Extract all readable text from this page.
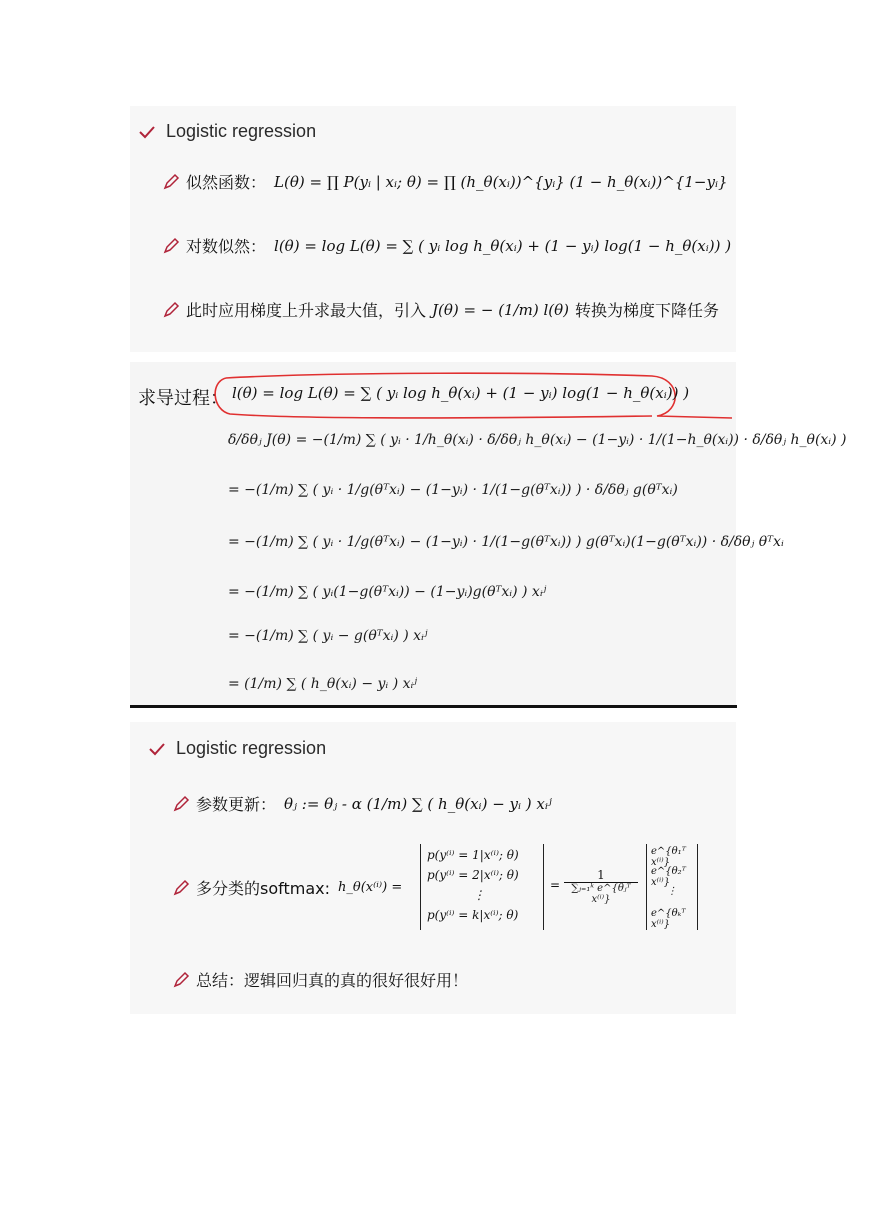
Logistic regression
似然函数： L(θ) = ∏ P(yᵢ | xᵢ; θ) = ∏ (h_θ(xᵢ))^{yᵢ} (1 − h_θ(xᵢ))^{1−yᵢ}
对数似然： l(θ) = log L(θ) = ∑ ( yᵢ log h_θ(xᵢ) + (1 − yᵢ) log(1 − h_θ(xᵢ)) )
此时应用梯度上升求最大值，引入 J(θ) = − (1/m) l(θ) 转换为梯度下降任务
求导过程： l(θ) = log L(θ) = ∑ ( yᵢ log h_θ(xᵢ) + (1 − yᵢ) log(1 − h_θ(xᵢ)) )
δ/δθⱼ J(θ) = −(1/m) ∑ ( yᵢ · 1/h_θ(xᵢ) · δ/δθⱼ h_θ(xᵢ) − (1−yᵢ) · 1/(1−h_θ(xᵢ)) · δ/δθⱼ h_θ(xᵢ) )
= −(1/m) ∑ ( yᵢ · 1/g(θᵀxᵢ) − (1−yᵢ) · 1/(1−g(θᵀxᵢ)) ) · δ/δθⱼ g(θᵀxᵢ)
= −(1/m) ∑ ( yᵢ · 1/g(θᵀxᵢ) − (1−yᵢ) · 1/(1−g(θᵀxᵢ)) ) g(θᵀxᵢ)(1−g(θᵀxᵢ)) · δ/δθⱼ θᵀxᵢ
= −(1/m) ∑ ( yᵢ(1−g(θᵀxᵢ)) − (1−yᵢ)g(θᵀxᵢ) ) xᵢʲ
= −(1/m) ∑ ( yᵢ − g(θᵀxᵢ) ) xᵢʲ
= (1/m) ∑ ( h_θ(xᵢ) − yᵢ ) xᵢʲ
Logistic regression
参数更新： θⱼ := θⱼ - α (1/m) ∑ ( h_θ(xᵢ) − yᵢ ) xᵢʲ
多分类的softmax: h_θ(x⁽ⁱ⁾) =
p(y⁽ⁱ⁾ = 1|x⁽ⁱ⁾; θ)
p(y⁽ⁱ⁾ = 2|x⁽ⁱ⁾; θ)
⋮
p(y⁽ⁱ⁾ = k|x⁽ⁱ⁾; θ)
=
1
∑ⱼ₌₁ᵏ e^{θⱼᵀ x⁽ⁱ⁾}
e^{θ₁ᵀ x⁽ⁱ⁾}
e^{θ₂ᵀ x⁽ⁱ⁾}
⋮
e^{θₖᵀ x⁽ⁱ⁾}
总结：逻辑回归真的真的很好很好用！
